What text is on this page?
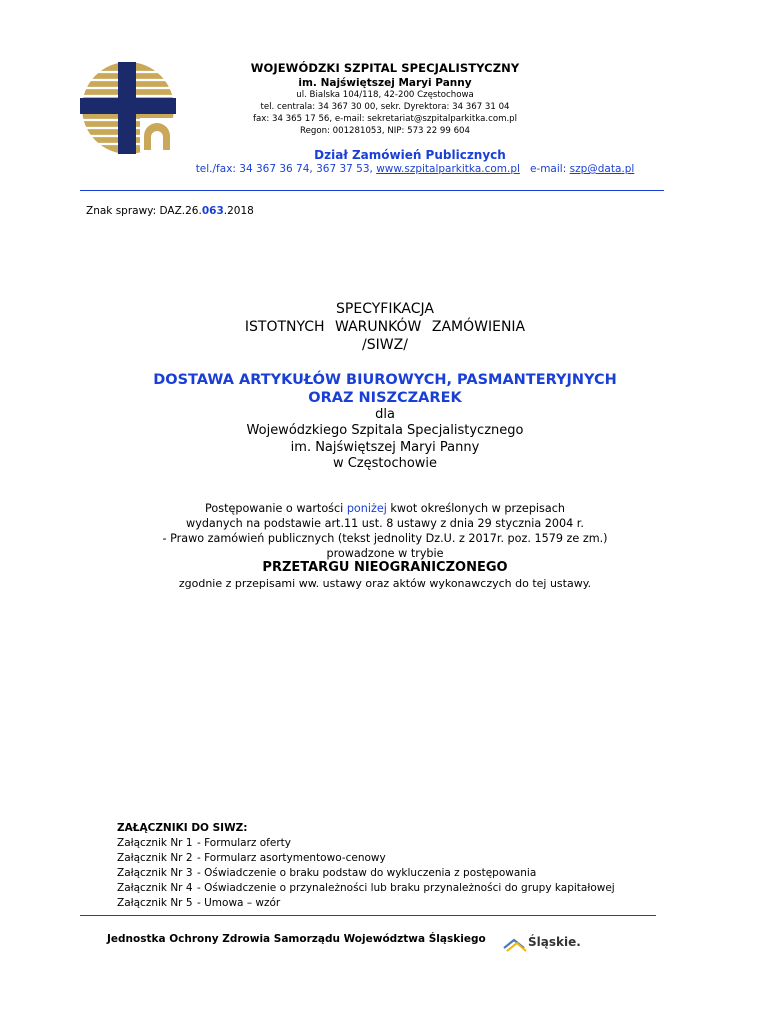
WOJEWÓDZKI SZPITAL SPECJALISTYCZNY
im. Najświętszej Maryi Panny
ul. Bialska 104/118, 42-200 Częstochowa
tel. centrala: 34 367 30 00, sekr. Dyrektora: 34 367 31 04
fax: 34 365 17 56, e-mail: sekretariat@szpitalparkitka.com.pl
Regon: 001281053, NIP: 573 22 99 604
Dział Zamówień Publicznych
tel./fax: 34 367 36 74, 367 37 53, www.szpitalparkitka.com.pl e-mail: szp@data.pl
Znak sprawy: DAZ.26.063.2018
SPECYFIKACJA
ISTOTNYCH WARUNKÓW ZAMÓWIENIA
/SIWZ/
DOSTAWA ARTYKUŁÓW BIUROWYCH, PASMANTERYJNYCH
ORAZ NISZCZAREK
dla
Wojewódzkiego Szpitala Specjalistycznego
im. Najświętszej Maryi Panny
w Częstochowie
Postępowanie o wartości poniżej kwot określonych w przepisach
wydanych na podstawie art.11 ust. 8 ustawy z dnia 29 stycznia 2004 r.
- Prawo zamówień publicznych (tekst jednolity Dz.U. z 2017r. poz. 1579 ze zm.)
prowadzone w trybie
PRZETARGU NIEOGRANICZONEGO
zgodnie z przepisami ww. ustawy oraz aktów wykonawczych do tej ustawy.
ZAŁĄCZNIKI DO SIWZ:
Załącznik Nr 1 - Formularz oferty
Załącznik Nr 2 - Formularz asortymentowo-cenowy
Załącznik Nr 3 - Oświadczenie o braku podstaw do wykluczenia z postępowania
Załącznik Nr 4 - Oświadczenie o przynależności lub braku przynależności do grupy kapitałowej
Załącznik Nr 5 - Umowa – wzór
Jednostka Ochrony Zdrowia Samorządu Województwa Śląskiego	Śląskie.
